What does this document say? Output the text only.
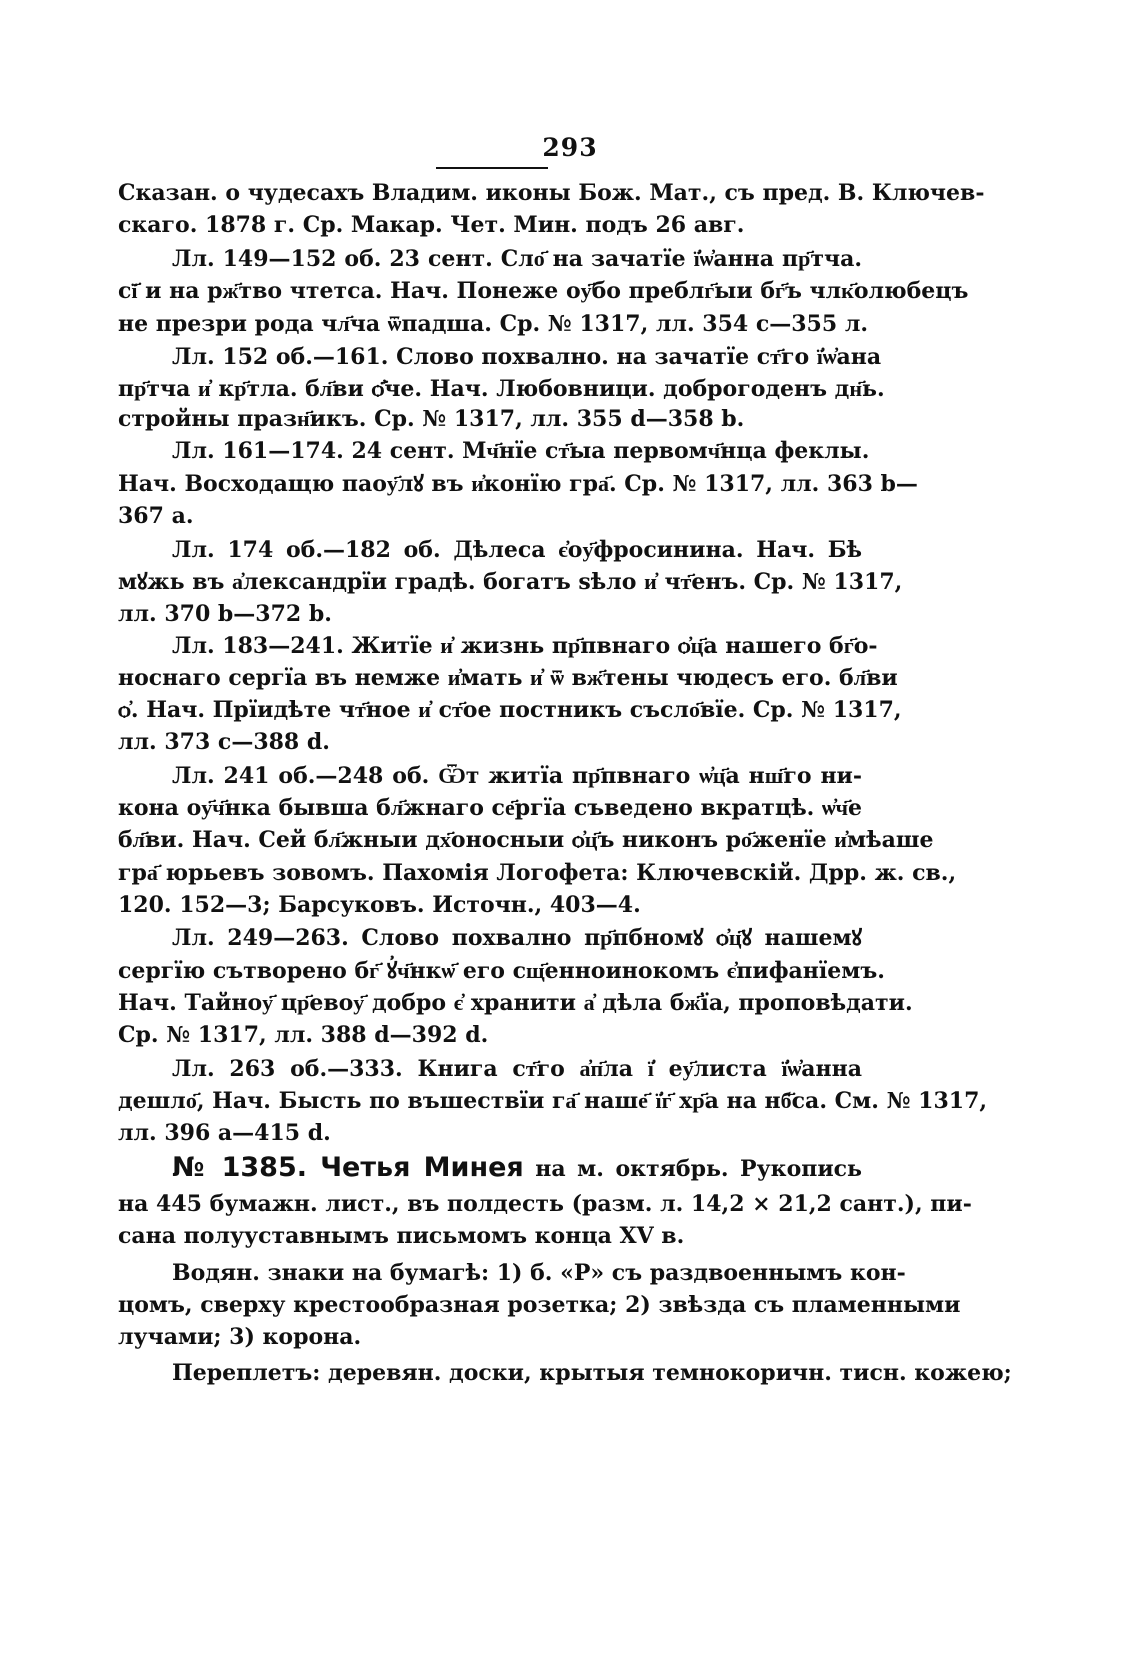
293
Сказан. о чудесахъ Владим. иконы Бож. Мат., съ пред. В. Ключев-
скаго. 1878 г. Ср. Макар. Чет. Мин. подъ 26 авг.
Лл. 149—152 об. 23 сент. Сло҃ на зачатїе ї҆ѡ҆анна пр҃тча.
сї҃ и на рж҃тво чтетса. Нач. Понеже оу҃бо преблг҃ыи бг҃ъ члк҃олюбецъ
не презри рода чл҃ча ѿпадша. Ср. № 1317, лл. 354 с—355 л.
Лл. 152 об.—161. Слово похвално. на зачатїе ст҃го ї҆ѡ҆ана
пр҃тча и҆ кр҃тла. бл҃ви ѻ҆҃че. Нач. Любовници. доброгоденъ дн҃ь.
стройны празн҃икъ. Ср. № 1317, лл. 355 d—358 b.
Лл. 161—174. 24 сент. Мч҃нїе ст҃ыа первомч҃нца феклы.
Нач. Восходащю паоу҃лꙋ въ и҆конїю гра҃. Ср. № 1317, лл. 363 b—
367 a.
Лл. 174 об.—182 об. Дѣлеса є҆оу҃фросинина. Нач. Бѣ
мꙋжь въ а҆лександрїи градѣ. богатъ ѕѣло и҆ чт҃енъ. Ср. № 1317,
лл. 370 b—372 b.
Лл. 183—241. Житїе и҆ жизнь пр҃пвнаго ѻ҆ц҃а нашего бг҃о-
носнаго сергїа въ немже и҆мать и҆ ѿ вж҃тены чюдесъ его. бл҃ви
ѻ҆. Нач. Прїидѣте чт҃ное и҆ ст҃ое постникъ съсло҃вїе. Ср. № 1317,
лл. 373 с—388 d.
Лл. 241 об.—248 об. Ѿт житїа пр҃пвнаго ѡ҆ц҃а нш҃го ни-
кона оу҃ч҃нка бывша бл҃жнаго се҃ргїа съведено вкратцѣ. ѡ҆ч҃е
бл҃ви. Нач. Сей бл҃жныи дх҃оносныи ѻ҆ц҃ъ никонъ ро҃женїе и҆мѣаше
гра҃ юрьевъ зовомъ. Пахомія Логофета: Ключевскій. Дрр. ж. св.,
120. 152—3; Барсуковъ. Источн., 403—4.
Лл. 249—263. Слово похвално пр҃пбномꙋ ѻ҆ц҃ꙋ нашемꙋ
сергїю сътворено бг҃ ꙋ҆ч҃нкѡ҃ его сщ҃енноинокомъ є҆пифанїемъ.
Нач. Тайноу҃ цр҃евоу҃ добро є҆ хранити а҆ дѣла бж҃їа, проповѣдати.
Ср. № 1317, лл. 388 d—392 d.
Лл. 263 об.—333. Книга ст҃го а҆п҃ла ї҆ еу҃листа ї҆ѡ҆анна
дешло҃, Нач. Бысть по въшествїи га҃ наше҃ ї҆г҃ хр҃а на нб҃са. См. № 1317,
лл. 396 а—415 d.
№ 1385. Четья Минея на м. октябрь. Рукопись
на 445 бумажн. лист., въ полдесть (разм. л. 14,2 × 21,2 сант.), пи-
сана полууставнымъ письмомъ конца XV в.
Водян. знаки на бумагѣ: 1) б. «Р» съ раздвоеннымъ кон-
цомъ, сверху крестообразная розетка; 2) звѣзда съ пламенными
лучами; 3) корона.
Переплетъ: деревян. доски, крытыя темнокоричн. тисн. кожею;
